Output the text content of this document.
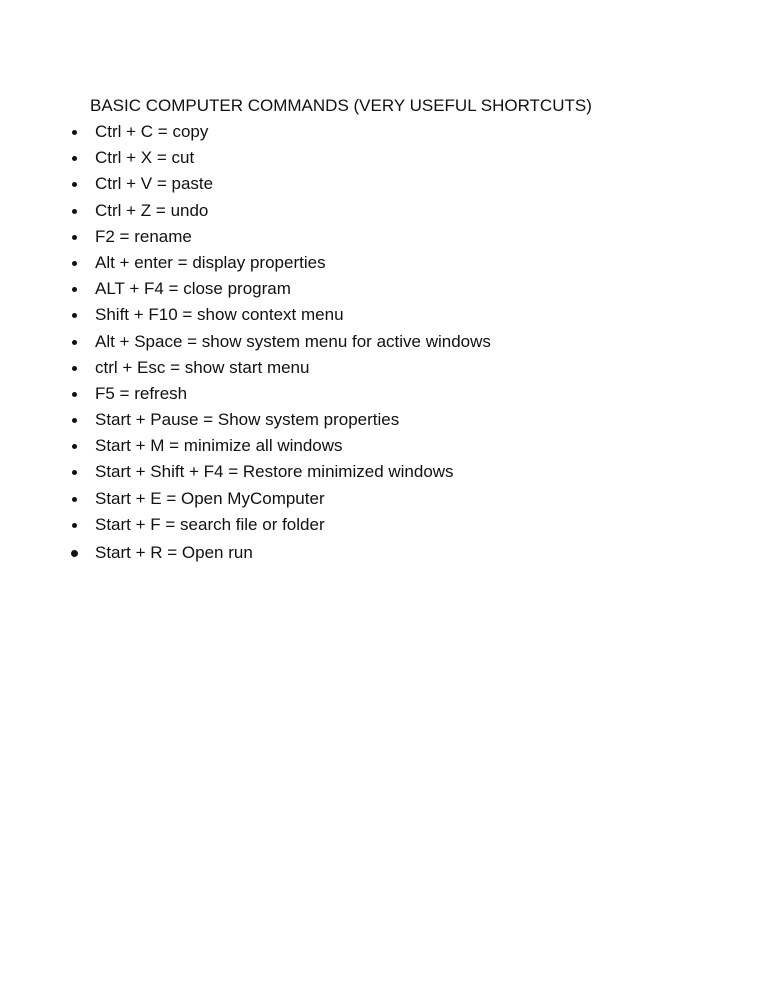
BASIC COMPUTER COMMANDS (VERY USEFUL SHORTCUTS)
Ctrl + C = copy
Ctrl + X = cut
Ctrl + V = paste
Ctrl + Z = undo
F2 = rename
Alt + enter = display properties
ALT + F4 = close program
Shift + F10 = show context menu
Alt + Space = show system menu for active windows
ctrl + Esc = show start menu
F5 = refresh
Start + Pause = Show system properties
Start + M = minimize all windows
Start + Shift + F4 = Restore minimized windows
Start + E = Open MyComputer
Start + F = search file or folder
Start + R = Open run
